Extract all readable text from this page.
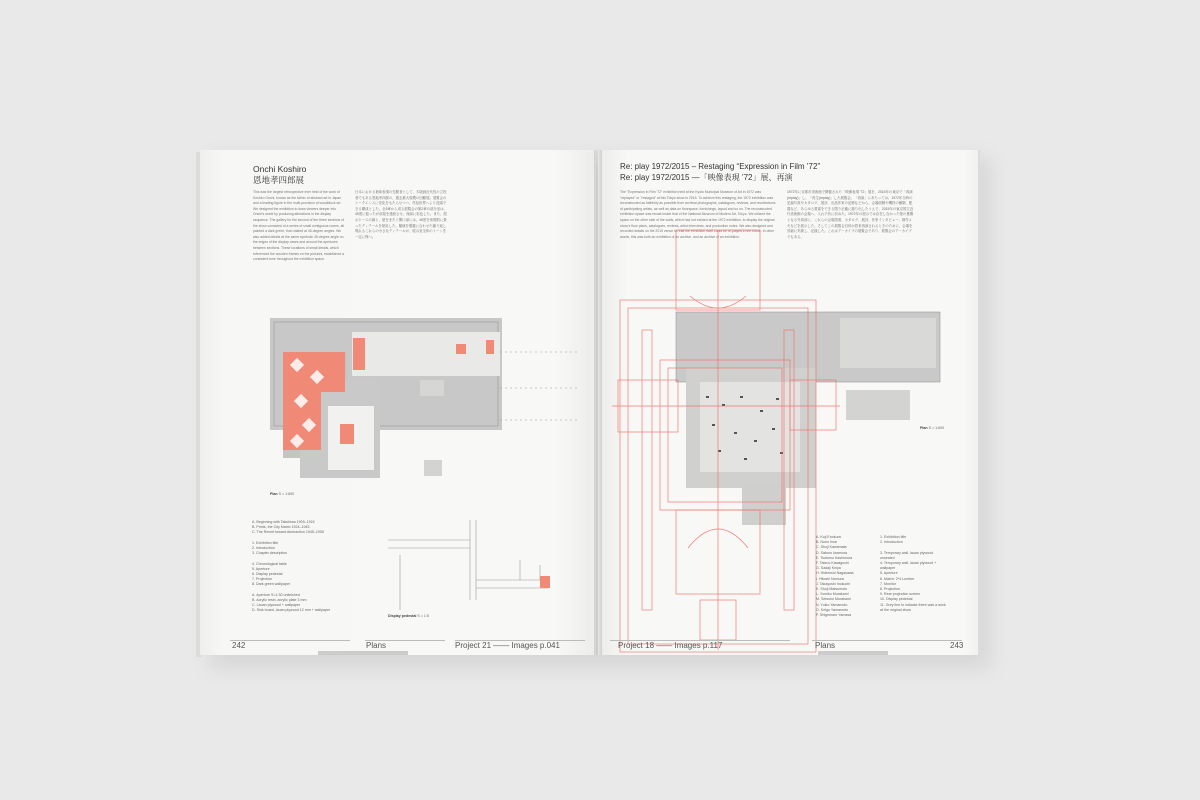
Onchi Koshiro
恩地孝四郎展
This was the largest retrospective ever held of the work of Koshiro Onchi, known as the father of abstract art in Japan and a leading figure in the multi-provision of woodblock art. We designed the exhibition to draw viewers deeper into Onchi's world by producing alterations in the display sequence. The gallery for the second of the three sections of the show consisted of a series of small contiguous rooms, all painted a dark green, that rotated at 45-degree angles. We also added details at the same symbolic 45-degree angle on the edges of the display cases and around the apertures between sections. These locations of small details, which referenced the wooden frames on the pictures, established a consistent tone throughout the exhibition space.
日本における抽象表現の先駆者として、木版画近代性の立役者でもある恩地孝四郎の、過去最大規模の回顧展。展覧会のシークエンスに変化をもたらせつつ、作品世界へより没頭できる構成とした。全3章から成る展覧会の第2章の部分室は、45度に振ったが部屋を連続させ、深緑に彩色した。また、展示ケースの縁と、壁をまたぐ開口部には、45度を象徴的に扱ったディテールを採用した。額縁を製趣に合わせた繰り返し現れるこれらの小さなディテールが、展示室全体のトーンを一定に保つ。
Plan S = 1:600
Display pedestal S = 1:5
A. Beginning with Takubiwa 1909–1924
B. Prints, the City Matrix 1924–1945
C. The Revert toward Abstraction 1945–1955

1. Exhibition title
2. Introduction
3. Chapter description

4. Chronological table
5. Aperture
6. Display pedestal
7. Projection
8. Dark green wallpaper

A. Aperture S=1:30 unfinished
B. Acrylic resin, acrylic plate 3 mm
C. Lauan plywood + wallpaper
D. Sink board, lauan plywood 12 mm + wallpaper
242	Plans	Project 21 —— Images p.041
Re: play 1972/2015 – Restaging “Expression in Film ’72”
Re: play 1972/2015 ―「映像表現 ’72」展、再演
The "Expression in Film '72" exhibition held at the Kyoto Municipal Museum of Art in 1972 was "replayed" or "restaged" at this Tokyo show in 2015. To achieve this restaging, the 1972 exhibition was reconstructed as faithfully as possible from archival photographs, catalogues, reviews, and recollections of participating artists, as well as data on floorspace, furnishings, layout and so on. The reconstructed exhibition space was recast inside that of the National Museum of Modern Art, Tokyo. We utilized the space on the other side of the walls, which had not existed at the 1972 exhibition, to display the original show's floor plans, catalogues, reviews, artist interviews, and production notes. We also designed and recorded details on the 2015 venue so that the exhibition itself could be re-played in the future. In other words, this was both an exhibition of an archive, and an archive of an exhibition.
1972年に京都市美術館で開催された「映像表現 ’72」展を、2015年の東京で「再演(replay)」し、「再生(replay)」した展覧会。「再演」にあたっては、1972年当時の記録写真やカタログ、展評、出品作家の記憶などから、会場面積や機材の種類、配置など、あらゆる要素をできる限り正確に割り出したうえで、2015年の東京国立近代美術館の会場へ、入れ子状に収めた。1972年の展示では存在しなかった壁の裏側となる外周部に、これらの会場図面、カタログ、展評、作家インタビュー、制作メモなどを展示した。そしてこの展覧会自体が将来再演されるときのために、会場を詳細に実測し、記録した。これはアーカイブの展覧会であり、展覧会のアーカイブでもある。
Plan S = 1:600
A. Koji Enokura
B. Norio Imai
C. Shoji Kawamata
D. Saburo Iwamura
E. Tsutomu Kashimura
F. Tatsuo Kawaguchi
G. Sadaji Kinya
H. Hidetoshi Nagasawa
I. Hitoshi Nomura
J. Takayoshi Inokuchi
K. Shoji Matsumoto
L. Yumiko Murakami
M. Setsuko Murakami
N. Yukio Yamamoto
O. Keigo Yamamoto
P. Shigemaro Yamasa
1. Exhibition title
2. Introduction

3. Temporary wall, lauan plywood unsealed
4. Temporary wall, lauan plywood + wallpaper
5. Aperture
6. Match: 2*4 Lumber
7. Monitor
8. Projection
9. Rear projection screen
10. Display pedestal
11. Grey line to indicate there was a work at the original show
Project 18 —— Images p.117	Plans	243
